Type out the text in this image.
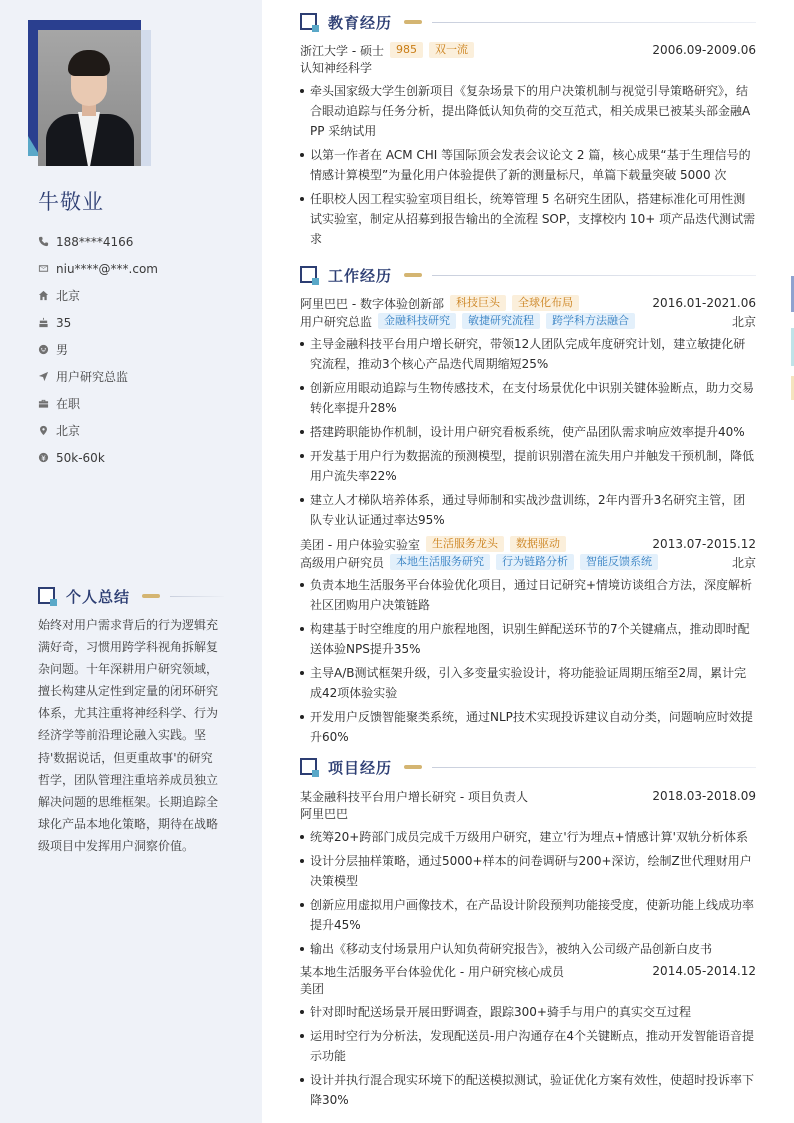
牛敬业
188****4166
niu****@***.com
北京
35
男
用户研究总监
在职
北京
50k-60k
个人总结
始终对用户需求背后的行为逻辑充满好奇，习惯用跨学科视角拆解复杂问题。十年深耕用户研究领域，擅长构建从定性到定量的闭环研究体系，尤其注重将神经科学、行为经济学等前沿理论融入实践。坚持'数据说话，但更重故事'的研究哲学，团队管理注重培养成员独立解决问题的思维框架。长期追踪全球化产品本地化策略，期待在战略级项目中发挥用户洞察价值。
教育经历
浙江大学 - 硕士	985	双一流	2006.09-2009.06
认知神经科学
牵头国家级大学生创新项目《复杂场景下的用户决策机制与视觉引导策略研究》，结合眼动追踪与任务分析，提出降低认知负荷的交互范式，相关成果已被某头部金融APP 采纳试用
以第一作者在 ACM CHI 等国际顶会发表会议论文 2 篇，核心成果“基于生理信号的情感计算模型”为量化用户体验提供了新的测量标尺，单篇下载量突破 5000 次
任职校人因工程实验室项目组长，统筹管理 5 名研究生团队，搭建标准化可用性测试实验室，制定从招募到报告输出的全流程 SOP，支撑校内 10+ 项产品迭代测试需求
工作经历
阿里巴巴 - 数字体验创新部	科技巨头	全球化布局	2016.01-2021.06
用户研究总监	金融科技研究	敏捷研究流程	跨学科方法融合	北京
主导金融科技平台用户增长研究，带领12人团队完成年度研究计划，建立敏捷化研究流程，推动3个核心产品迭代周期缩短25%
创新应用眼动追踪与生物传感技术，在支付场景优化中识别关键体验断点，助力交易转化率提升28%
搭建跨职能协作机制，设计用户研究看板系统，使产品团队需求响应效率提升40%
开发基于用户行为数据流的预测模型，提前识别潜在流失用户并触发干预机制，降低用户流失率22%
建立人才梯队培养体系，通过导师制和实战沙盘训练，2年内晋升3名研究主管，团队专业认证通过率达95%
美团 - 用户体验实验室	生活服务龙头	数据驱动	2013.07-2015.12
高级用户研究员	本地生活服务研究	行为链路分析	智能反馈系统	北京
负责本地生活服务平台体验优化项目，通过日记研究+情境访谈组合方法，深度解析社区团购用户决策链路
构建基于时空维度的用户旅程地图，识别生鲜配送环节的7个关键痛点，推动即时配送体验NPS提升35%
主导A/B测试框架升级，引入多变量实验设计，将功能验证周期压缩至2周，累计完成42项体验实验
开发用户反馈智能聚类系统，通过NLP技术实现投诉建议自动分类，问题响应时效提升60%
项目经历
某金融科技平台用户增长研究 - 项目负责人	2018.03-2018.09
阿里巴巴
统筹20+跨部门成员完成千万级用户研究，建立'行为埋点+情感计算'双轨分析体系
设计分层抽样策略，通过5000+样本的问卷调研与200+深访，绘制Z世代理财用户决策模型
创新应用虚拟用户画像技术，在产品设计阶段预判功能接受度，使新功能上线成功率提升45%
输出《移动支付场景用户认知负荷研究报告》，被纳入公司级产品创新白皮书
某本地生活服务平台体验优化 - 用户研究核心成员	2014.05-2014.12
美团
针对即时配送场景开展田野调查，跟踪300+骑手与用户的真实交互过程
运用时空行为分析法，发现配送员-用户沟通存在4个关键断点，推动开发智能语音提示功能
设计并执行混合现实环境下的配送模拟测试，验证优化方案有效性，使超时投诉率下降30%
